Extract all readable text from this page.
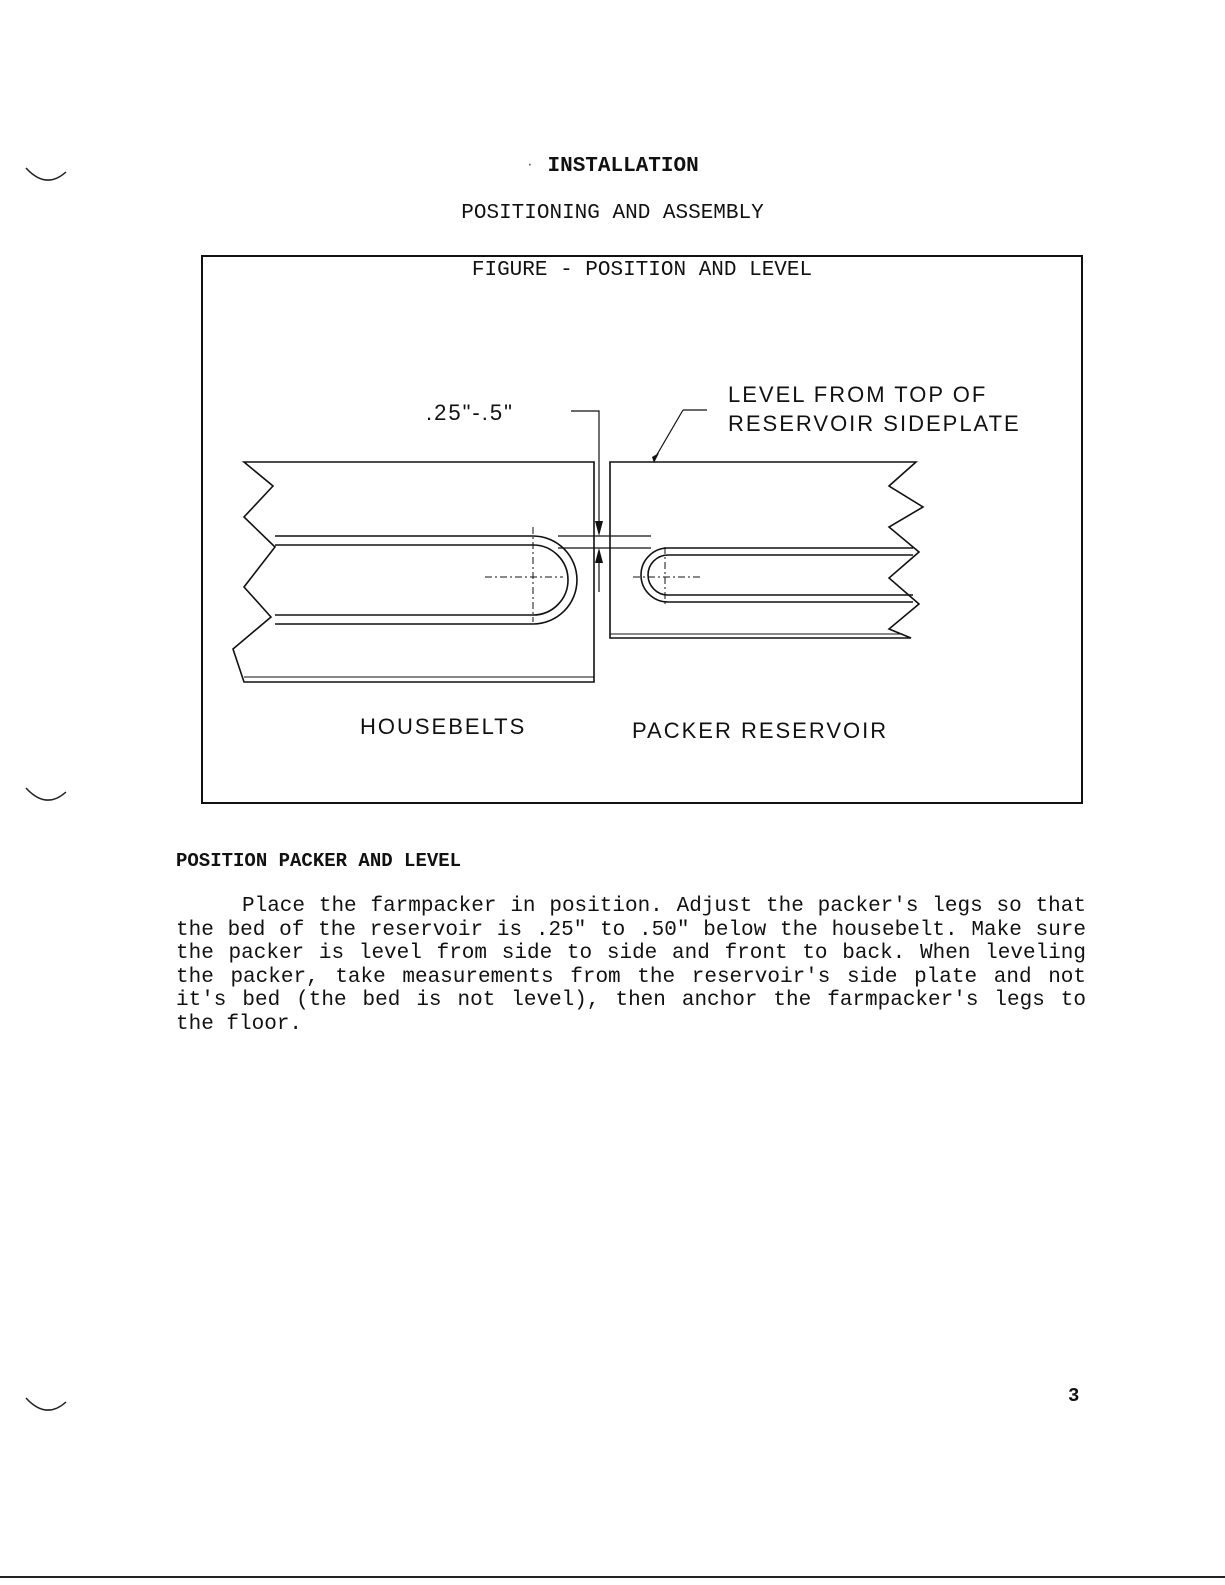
· INSTALLATION
POSITIONING AND ASSEMBLY
FIGURE - POSITION AND LEVEL
.25"-.5"
LEVEL FROM TOP OF
RESERVOIR SIDEPLATE
HOUSEBELTS	PACKER RESERVOIR
POSITION PACKER AND LEVEL
Place the farmpacker in position. Adjust the packer's legs so that the bed of the reservoir is .25" to .50" below the housebelt. Make sure the packer is level from side to side and front to back. When leveling the packer, take measurements from the reservoir's side plate and not it's bed (the bed is not level), then anchor the farmpacker's legs to the floor.
3
